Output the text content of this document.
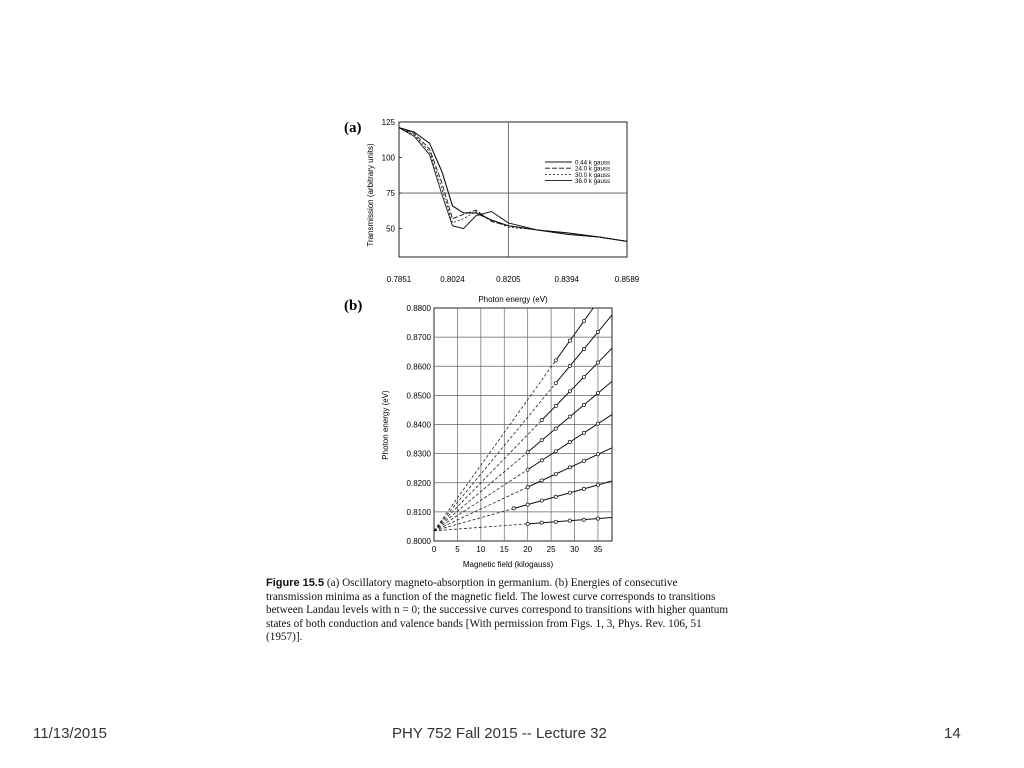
(a)
0.7851	0.8024	0.8205	0.8394	0.8589
125
100
75
50
0.44 k gauss
24.0 k gauss
30.0 k gauss
36.0 k gauss
Photon energy (eV)
Transmission (arbitrary units)
(b)
0 5 10 15 20 25 30 35
0.8000
0.8100
0.8200
0.8300
0.8400
0.8500
0.8600
0.8700
0.8800
Magnetic field (kilogauss)
Photon energy (eV)
Figure 15.5 (a) Oscillatory magneto-absorption in germanium. (b) Energies of consecutive transmission minima as a function of the magnetic field. The lowest curve corresponds to transitions between Landau levels with n = 0; the successive curves correspond to transitions with higher quantum states of both conduction and valence bands [With permission from Figs. 1, 3, Phys. Rev. 106, 51 (1957)].
11/13/2015	PHY 752 Fall 2015 -- Lecture 32	14
